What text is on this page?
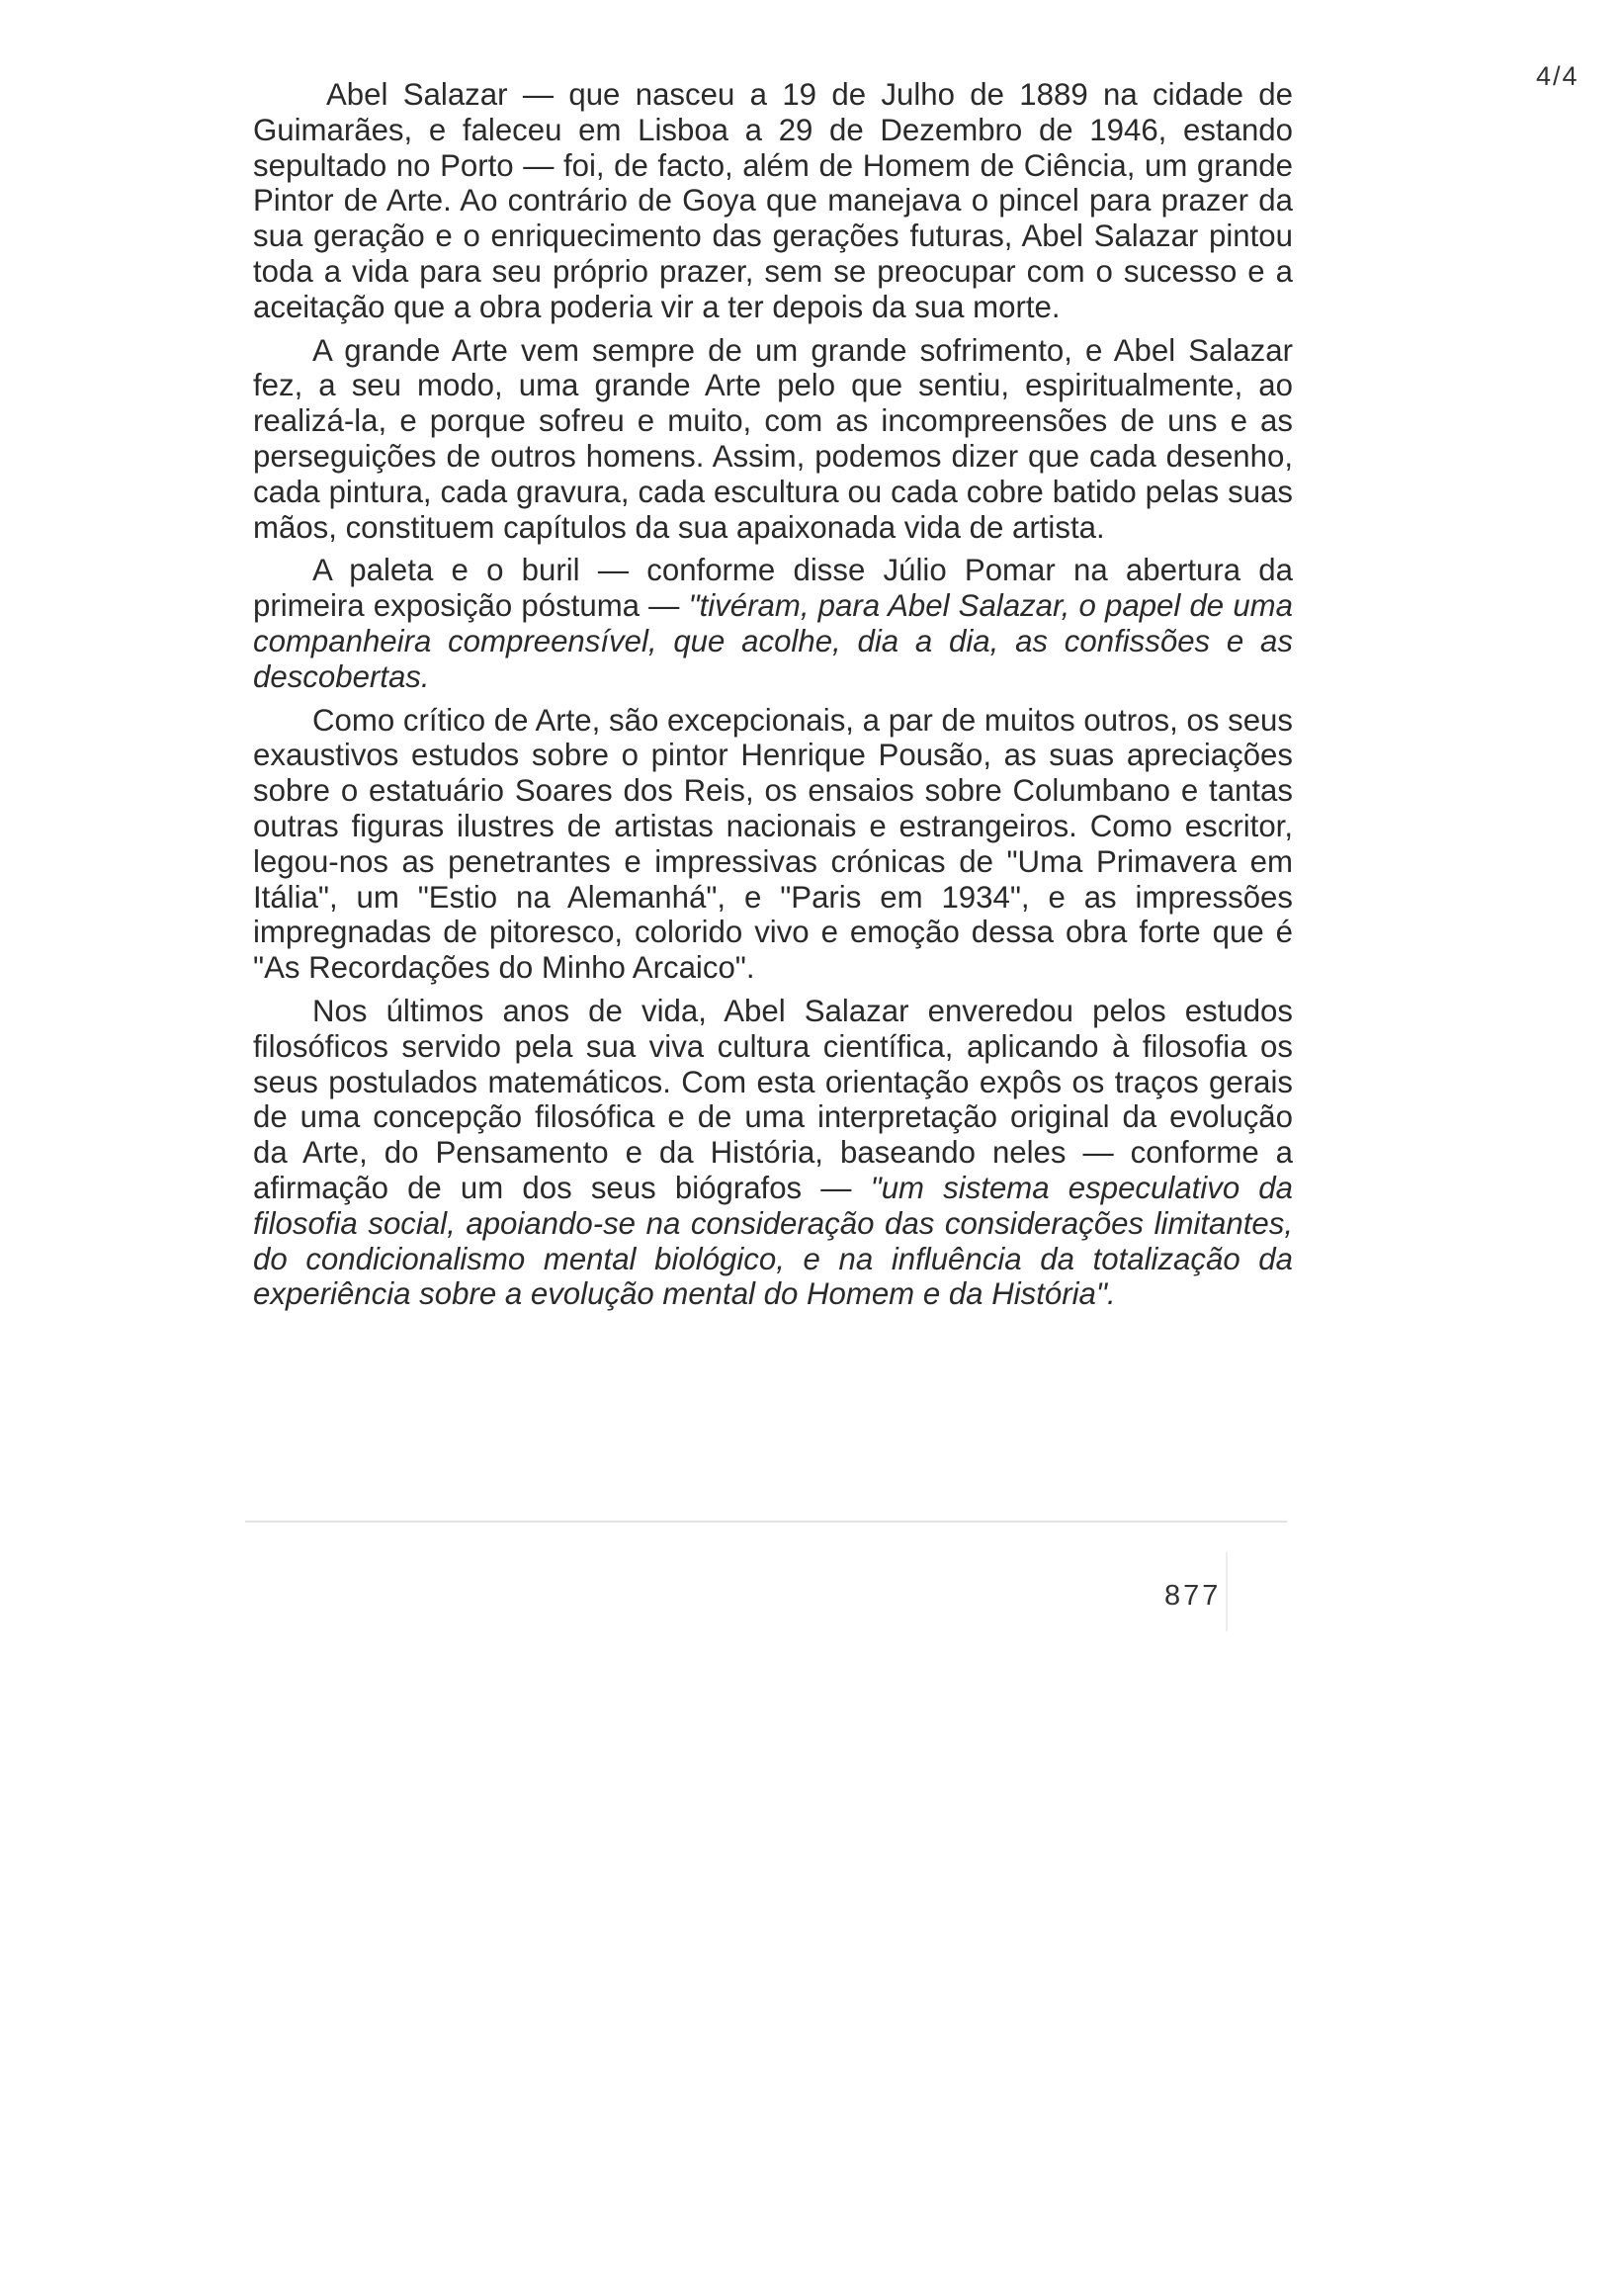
4/4

Abel Salazar — que nasceu a 19 de Julho de 1889 na cidade de Guimarães, e faleceu em Lisboa a 29 de Dezembro de 1946, estando sepultado no Porto — foi, de facto, além de Homem de Ciência, um grande Pintor de Arte. Ao contrário de Goya que manejava o pincel para prazer da sua geração e o enriquecimento das gerações futuras, Abel Salazar pintou toda a vida para seu próprio prazer, sem se preocupar com o sucesso e a aceitação que a obra poderia vir a ter depois da sua morte.

A grande Arte vem sempre de um grande sofrimento, e Abel Salazar fez, a seu modo, uma grande Arte pelo que sentiu, espiritualmente, ao realizá-la, e porque sofreu e muito, com as incompreensões de uns e as perseguições de outros homens. Assim, podemos dizer que cada desenho, cada pintura, cada gravura, cada escultura ou cada cobre batido pelas suas mãos, constituem capítulos da sua apaixonada vida de artista.

A paleta e o buril — conforme disse Júlio Pomar na abertura da primeira exposição póstuma — "tivéram, para Abel Salazar, o papel de uma companheira compreensível, que acolhe, dia a dia, as confissões e as descobertas.

Como crítico de Arte, são excepcionais, a par de muitos outros, os seus exaustivos estudos sobre o pintor Henrique Pousão, as suas apreciações sobre o estatuário Soares dos Reis, os ensaios sobre Columbano e tantas outras figuras ilustres de artistas nacionais e estrangeiros. Como escritor, legou-nos as penetrantes e impressivas crónicas de "Uma Primavera em Itália", um "Estio na Alemanhá", e "Paris em 1934", e as impressões impregnadas de pitoresco, colorido vivo e emoção dessa obra forte que é "As Recordações do Minho Arcaico".

Nos últimos anos de vida, Abel Salazar enveredou pelos estudos filosóficos servido pela sua viva cultura científica, aplicando à filosofia os seus postulados matemáticos. Com esta orientação expôs os traços gerais de uma concepção filosófica e de uma interpretação original da evolução da Arte, do Pensamento e da História, baseando neles — conforme a afirmação de um dos seus biógrafos — "um sistema especulativo da filosofia social, apoiando-se na consideração das considerações limitantes, do condicionalismo mental biológico, e na influência da totalização da experiência sobre a evolução mental do Homem e da História".

877
